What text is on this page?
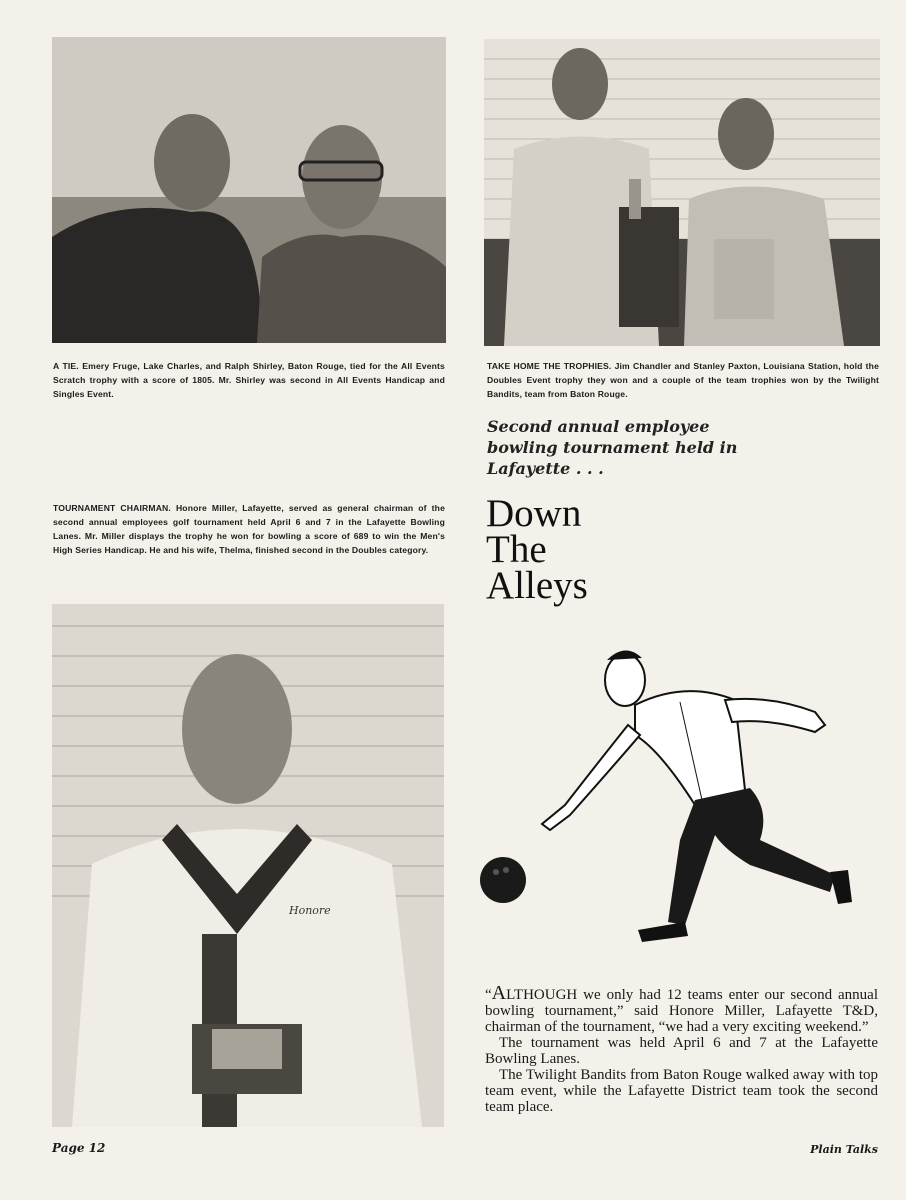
Honore
A TIE. Emery Fruge, Lake Charles, and Ralph Shirley, Baton Rouge, tied for the All Events Scratch trophy with a score of 1805. Mr. Shirley was second in All Events Handicap and Singles Event.
TAKE HOME THE TROPHIES. Jim Chandler and Stanley Paxton, Louisiana Station, hold the Doubles Event trophy they won and a couple of the team trophies won by the Twilight Bandits, team from Baton Rouge.
TOURNAMENT CHAIRMAN. Honore Miller, Lafayette, served as general chairman of the second annual employees golf tournament held April 6 and 7 in the Lafayette Bowling Lanes. Mr. Miller displays the trophy he won for bowling a score of 689 to win the Men's High Series Handicap. He and his wife, Thelma, finished second in the Doubles category.
Second annual employee
bowling tournament held in
Lafayette . . .
Down
The
Alleys

“ALTHOUGH we only had 12 teams enter our second annual bowling tournament,” said Honore Miller, Lafayette T&D, chairman of the tournament, “we had a very exciting weekend.”

The tournament was held April 6 and 7 at the Lafayette Bowling Lanes.

The Twilight Bandits from Baton Rouge walked away with top team event, while the Lafayette District team took the second team place.

Page 12	Plain Talks
